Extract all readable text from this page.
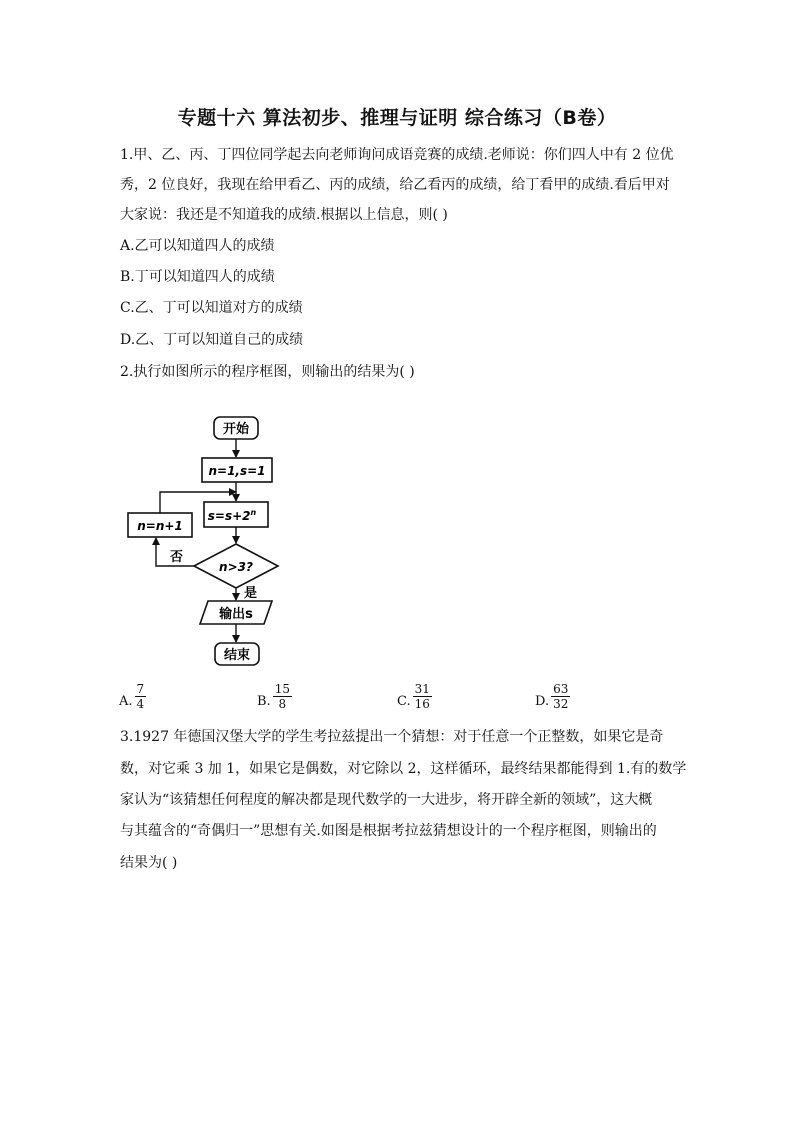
专题十六 算法初步、推理与证明 综合练习（B卷）
1.甲、乙、丙、丁四位同学起去向老师询问成语竞赛的成绩.老师说：你们四人中有 2 位优
秀，2 位良好，我现在给甲看乙、丙的成绩，给乙看丙的成绩，给丁看甲的成绩.看后甲对
大家说：我还是不知道我的成绩.根据以上信息，则( )
A.乙可以知道四人的成绩
B.丁可以知道四人的成绩
C.乙、丁可以知道对方的成绩
D.乙、丁可以知道自己的成绩
2.执行如图所示的程序框图，则输出的结果为( )
开始
n=1,s=1
$s=s+2^n$
n>3?
否
n=n+1
是
输出s
结束
A. $\frac{7}{4}$	B. $\frac{15}{8}$	C. $\frac{31}{16}$	D. $\frac{63}{32}$
3.1927 年德国汉堡大学的学生考拉兹提出一个猜想：对于任意一个正整数，如果它是奇
数，对它乘 3 加 1，如果它是偶数，对它除以 2，这样循环，最终结果都能得到 1.有的数学
家认为“该猜想任何程度的解决都是现代数学的一大进步，将开辟全新的领域”，这大概
与其蕴含的“奇偶归一”思想有关.如图是根据考拉兹猜想设计的一个程序框图，则输出的
结果为( )
